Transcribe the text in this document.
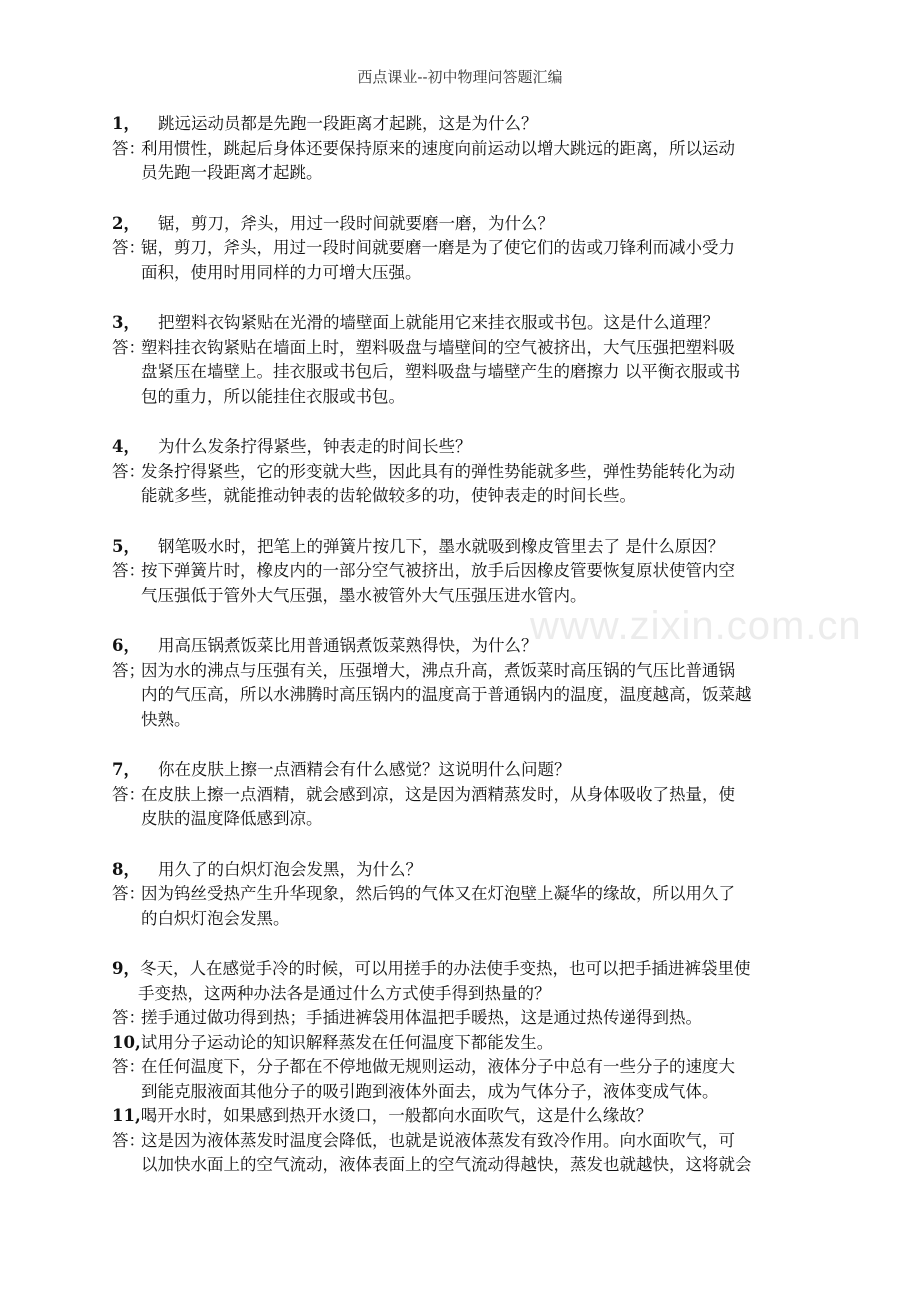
西点课业--初中物理问答题汇编
www.zixin.com.cn
1，	跳远运动员都是先跑一段距离才起跳，这是为什么？
答：
利用惯性，跳起后身体还要保持原来的速度向前运动以增大跳远的距离，所以运动
员先跑一段距离才起跳。
2，	锯，剪刀，斧头，用过一段时间就要磨一磨，为什么？
答：
锯，剪刀，斧头，用过一段时间就要磨一磨是为了使它们的齿或刀锋利而减小受力
面积，使用时用同样的力可增大压强。
3，	把塑料衣钩紧贴在光滑的墙壁面上就能用它来挂衣服或书包。这是什么道理？
答：
塑料挂衣钩紧贴在墙面上时，塑料吸盘与墙壁间的空气被挤出，大气压强把塑料吸
盘紧压在墙壁上。挂衣服或书包后，塑料吸盘与墙壁产生的磨擦力 以平衡衣服或书
包的重力，所以能挂住衣服或书包。
4，	为什么发条拧得紧些，钟表走的时间长些？
答：
发条拧得紧些，它的形变就大些，因此具有的弹性势能就多些，弹性势能转化为动
能就多些，就能推动钟表的齿轮做较多的功，使钟表走的时间长些。
5，	钢笔吸水时，把笔上的弹簧片按几下，墨水就吸到橡皮管里去了 是什么原因？
答：
按下弹簧片时，橡皮内的一部分空气被挤出，放手后因橡皮管要恢复原状使管内空
气压强低于管外大气压强，墨水被管外大气压强压进水管内。
6，	用高压锅煮饭菜比用普通锅煮饭菜熟得快，为什么？
答；
因为水的沸点与压强有关，压强增大，沸点升高，煮饭菜时高压锅的气压比普通锅
内的气压高，所以水沸腾时高压锅内的温度高于普通锅内的温度，温度越高，饭菜越
快熟。
7，	你在皮肤上擦一点酒精会有什么感觉？这说明什么问题？
答：
在皮肤上擦一点酒精，就会感到凉，这是因为酒精蒸发时，从身体吸收了热量，使
皮肤的温度降低感到凉。
8，	用久了的白炽灯泡会发黑，为什么？
答：
因为钨丝受热产生升华现象，然后钨的气体又在灯泡壁上凝华的缘故，所以用久了
的白炽灯泡会发黑。
9， 冬天，人在感觉手冷的时候，可以用搓手的办法使手变热，也可以把手插进裤袋里使
手变热，这两种办法各是通过什么方式使手得到热量的？
答：
搓手通过做功得到热；手插进裤袋用体温把手暖热，这是通过热传递得到热。
10, 试用分子运动论的知识解释蒸发在任何温度下都能发生。
答：
在任何温度下，分子都在不停地做无规则运动，液体分子中总有一些分子的速度大
到能克服液面其他分子的吸引跑到液体外面去，成为气体分子，液体变成气体。
11, 喝开水时，如果感到热开水烫口，一般都向水面吹气，这是什么缘故？
答：
这是因为液体蒸发时温度会降低，也就是说液体蒸发有致冷作用。向水面吹气，可
以加快水面上的空气流动，液体表面上的空气流动得越快，蒸发也就越快，这将就会
